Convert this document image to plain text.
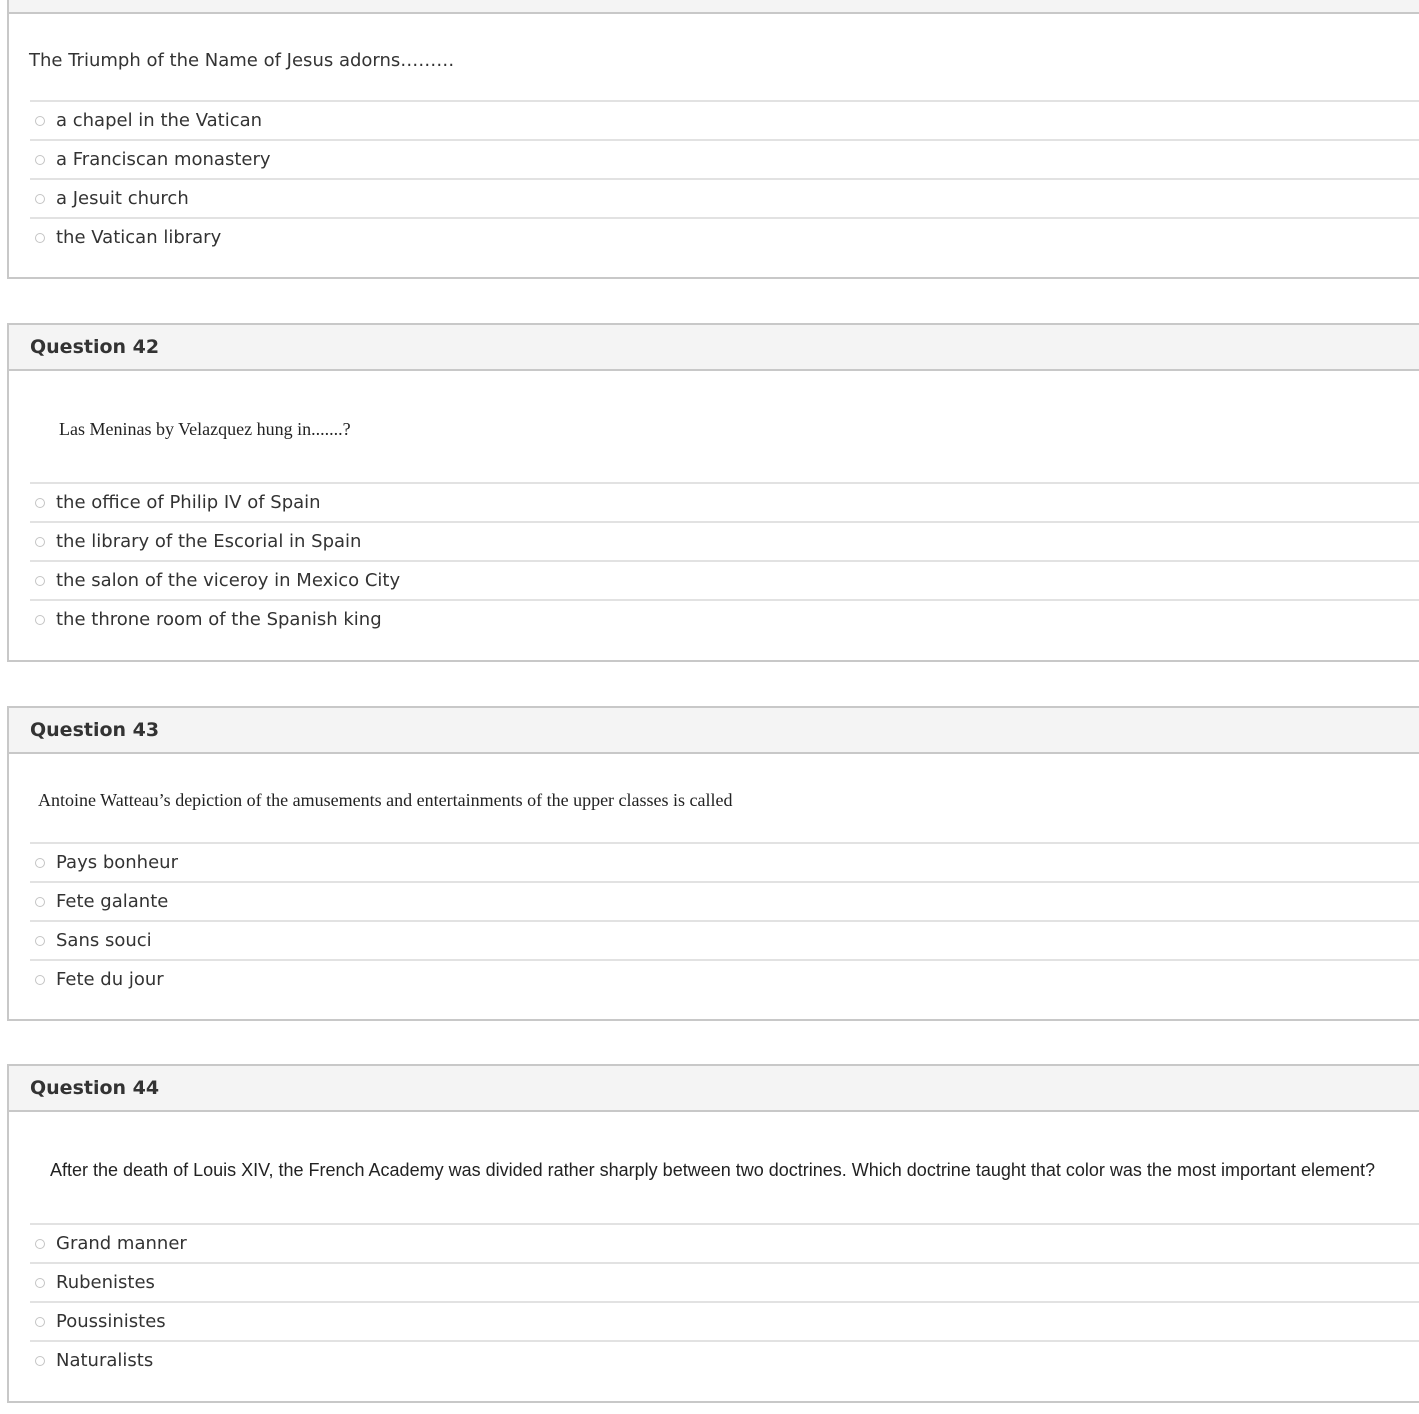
The Triumph of the Name of Jesus adorns………
a chapel in the Vatican
a Franciscan monastery
a Jesuit church
the Vatican library
Question 42
Las Meninas by Velazquez hung in.......?
the office of Philip IV of Spain
the library of the Escorial in Spain
the salon of the viceroy in Mexico City
the throne room of the Spanish king
Question 43
Antoine Watteau’s depiction of the amusements and entertainments of the upper classes is called
Pays bonheur
Fete galante
Sans souci
Fete du jour
Question 44
After the death of Louis XIV, the French Academy was divided rather sharply between two doctrines. Which doctrine taught that color was the most important element?
Grand manner
Rubenistes
Poussinistes
Naturalists
